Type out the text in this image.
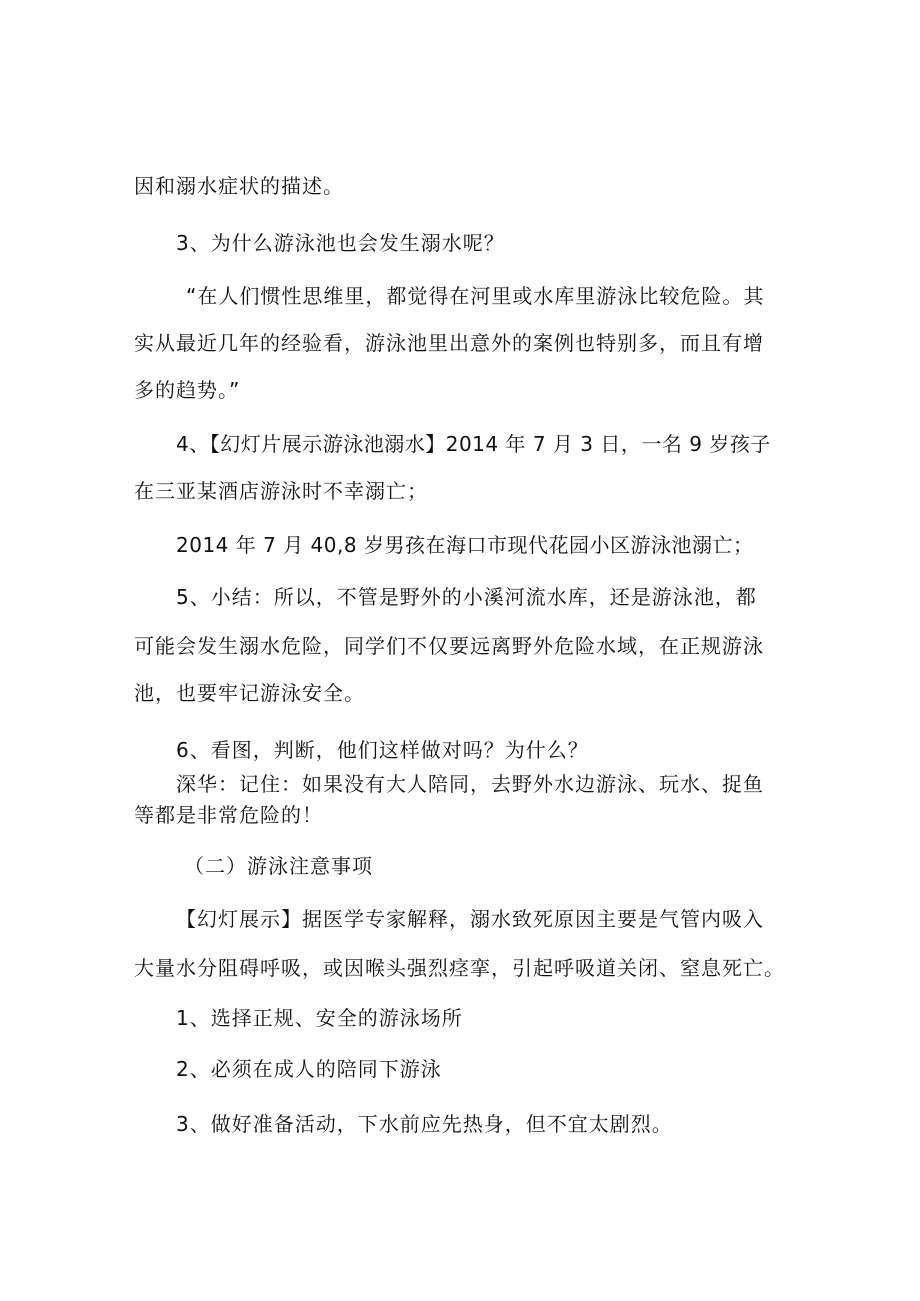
因和溺水症状的描述。
3、为什么游泳池也会发生溺水呢？
“在人们惯性思维里，都觉得在河里或水库里游泳比较危险。其
实从最近几年的经验看，游泳池里出意外的案例也特别多，而且有增
多的趋势。”
4、【幻灯片展示游泳池溺水】2014 年 7 月 3 日，一名 9 岁孩子
在三亚某酒店游泳时不幸溺亡；
2014 年 7 月 40,8 岁男孩在海口市现代花园小区游泳池溺亡；
5、小结：所以，不管是野外的小溪河流水库，还是游泳池，都
可能会发生溺水危险，同学们不仅要远离野外危险水域，在正规游泳
池，也要牢记游泳安全。
6、看图，判断，他们这样做对吗？为什么？
深华：记住：如果没有大人陪同，去野外水边游泳、玩水、捉鱼
等都是非常危险的！
（二）游泳注意事项
【幻灯展示】据医学专家解释，溺水致死原因主要是气管内吸入
大量水分阻碍呼吸，或因喉头强烈痉挛，引起呼吸道关闭、窒息死亡。
1、选择正规、安全的游泳场所
2、必须在成人的陪同下游泳
3、做好准备活动，下水前应先热身，但不宜太剧烈。
